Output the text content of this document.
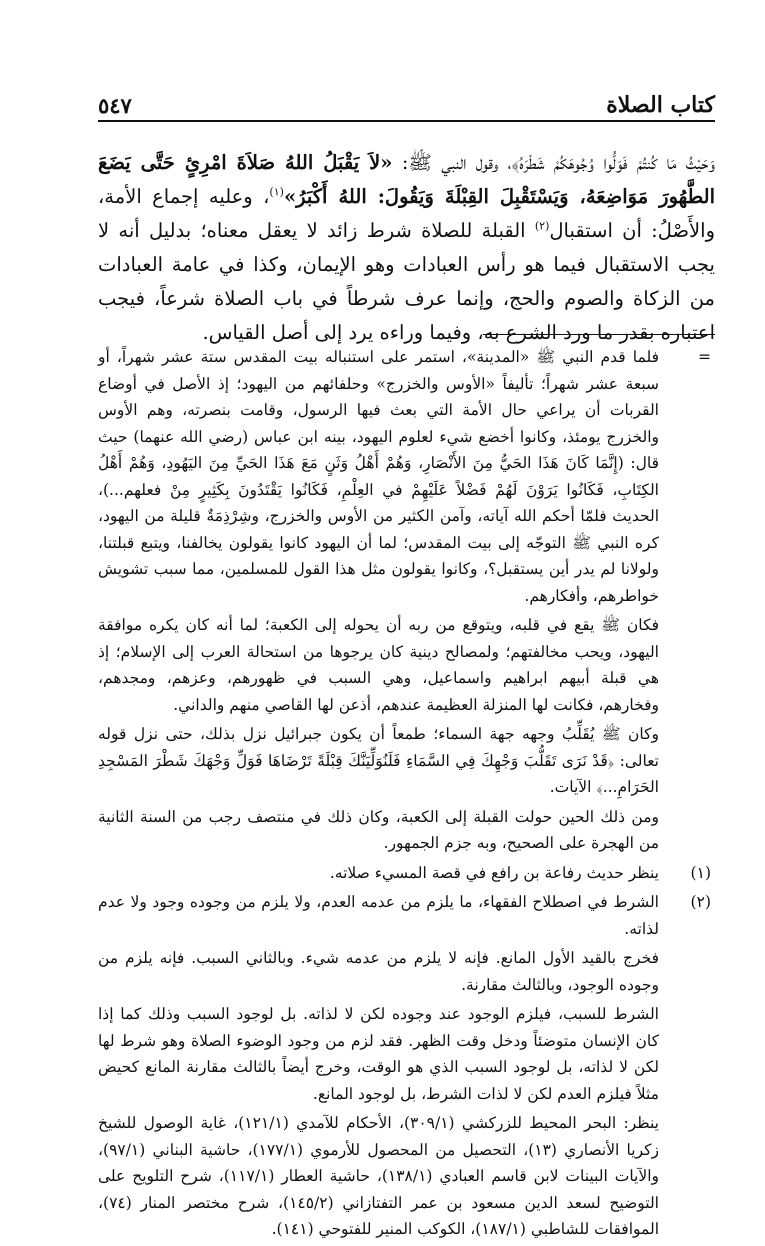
كتاب الصلاة
٥٤٧

وَحَيْثُ مَا كُنتُمْ فَوَلُّوا وُجُوهَكُمْ شَطْرَهُ﴾، وقول النبي ﷺ: «لاَ يَقْبَلُ اللهُ صَلاَةَ امْرِئٍ حَتَّى يَضَعَ الطَّهُورَ مَوَاضِعَهُ، وَيَسْتَقْبِلَ القِبْلَةَ وَيَقُولَ: اللهُ أَكْبَرُ»$^{(١)}$، وعليه إجماع الأمة، والأَصْلُ: أن استقبال$^{(٢)}$ القبلة للصلاة شرط زائد لا يعقل معناه؛ بدليل أنه لا يجب الاستقبال فيما هو رأس العبادات وهو الإيمان، وكذا في عامة العبادات من الزكاة والصوم والحج، وإنما عرف شرطاً في باب الصلاة شرعاً، فيجب اعتباره بقدر ما ورد الشرع به، وفيما وراءه يرد إلى أصل القياس.

=

فلما قدم النبي ﷺ «المدينة»، استمر على استنباله بيت المقدس ستة عشر شهراً، أو سبعة عشر شهراً؛ تأليفاً «الأوس والخزرج» وحلفائهم من اليهود؛ إذ الأصل في أوضاع القربات أن يراعي حال الأمة التي بعث فيها الرسول، وقامت بنصرته، وهم الأوس والخزرج يومئذ، وكانوا أخضع شيء لعلوم اليهود، بينه ابن عباس (رضي الله عنهما) حيث قال: (إِنَّمَا كَانَ هَذَا الحَيُّ مِنَ الأَنْصَارِ، وَهُمْ أَهْلُ وَثَنٍ مَعَ هَذَا الحَيِّ مِنَ اليَهُودِ، وَهُمْ أَهْلُ الكِتَابِ، فَكَانُوا يَرَوْنَ لَهُمْ فَضْلاً عَلَيْهِمْ في العِلْمِ، فَكَانُوا يَقْتَدُونَ بِكَثِيرٍ مِنْ فعلهم...)، الحديث فلمّا أحكم الله آياته، وآمن الكثير من الأوس والخزرج، وشِرْذِمَةٌ قليلة من اليهود، كره النبي ﷺ التوجّه إلى بيت المقدس؛ لما أن اليهود كانوا يقولون يخالفنا، ويتبع قبلتنا، ولولانا لم يدر أين يستقبل؟، وكانوا يقولون مثل هذا القول للمسلمين، مما سبب تشويش خواطرهم، وأفكارهم.

فكان ﷺ يقع في قلبه، ويتوقع من ربه أن يحوله إلى الكعبة؛ لما أنه كان يكره موافقة اليهود، ويحب مخالفتهم؛ ولمصالح دينية كان يرجوها من استحالة العرب إلى الإسلام؛ إذ هي قبلة أبيهم ابراهيم واسماعيل، وهي السبب في ظهورهم، وعزهم، ومجدهم، وفخارهم، فكانت لها المنزلة العظيمة عندهم، أذعن لها القاصي منهم والداني.

وكان ﷺ يُقَلِّبُ وجهه جهة السماء؛ طمعاً أن يكون جبرائيل نزل بذلك، حتى نزل قوله تعالى: ﴿قَدْ نَرَى تَقَلُّبَ وَجْهِكَ فِي السَّمَاءِ فَلَنُوَلِّيَنَّكَ قِبْلَةً تَرْضَاهَا فَوَلِّ وَجْهَكَ شَطْرَ المَسْجِدِ الحَرَامِ...﴾ الآيات.

ومن ذلك الحين حولت القبلة إلى الكعبة، وكان ذلك في منتصف رجب من السنة الثانية من الهجرة على الصحيح، وبه جزم الجمهور.

(١)

ينظر حديث رفاعة بن رافع في قصة المسيء صلاته.

(٢)

الشرط في اصطلاح الفقهاء، ما يلزم من عدمه العدم، ولا يلزم من وجوده وجود ولا عدم لذاته.

فخرج بالقيد الأول المانع. فإنه لا يلزم من عدمه شيء. وبالثاني السبب. فإنه يلزم من وجوده الوجود، وبالثالث مقارنة.

الشرط للسبب، فيلزم الوجود عند وجوده لكن لا لذاته. بل لوجود السبب وذلك كما إذا كان الإنسان متوضئاً ودخل وقت الظهر. فقد لزم من وجود الوضوء الصلاة وهو شرط لها لكن لا لذاته، بل لوجود السبب الذي هو الوقت، وخرج أيضاً بالثالث مقارنة المانع كحيض مثلاً فيلزم العدم لكن لا لذات الشرط، بل لوجود المانع.

ينظر: البحر المحيط للزركشي (٣٠٩/١)، الأحكام للآمدي (١٢١/١)، غاية الوصول للشيخ زكريا الأنصاري (١٣)، التحصيل من المحصول للأرموي (١٧٧/١)، حاشية البناني (٩٧/١)، والآيات البينات لابن قاسم العبادي (١٣٨/١)، حاشية العطار (١١٧/١)، شرح التلويح على التوضيح لسعد الدين مسعود بن عمر التفتازاني (١٤٥/٢)، شرح مختصر المنار (٧٤)، الموافقات للشاطبي (١٨٧/١)، الكوكب المنير للفتوحي (١٤١).
